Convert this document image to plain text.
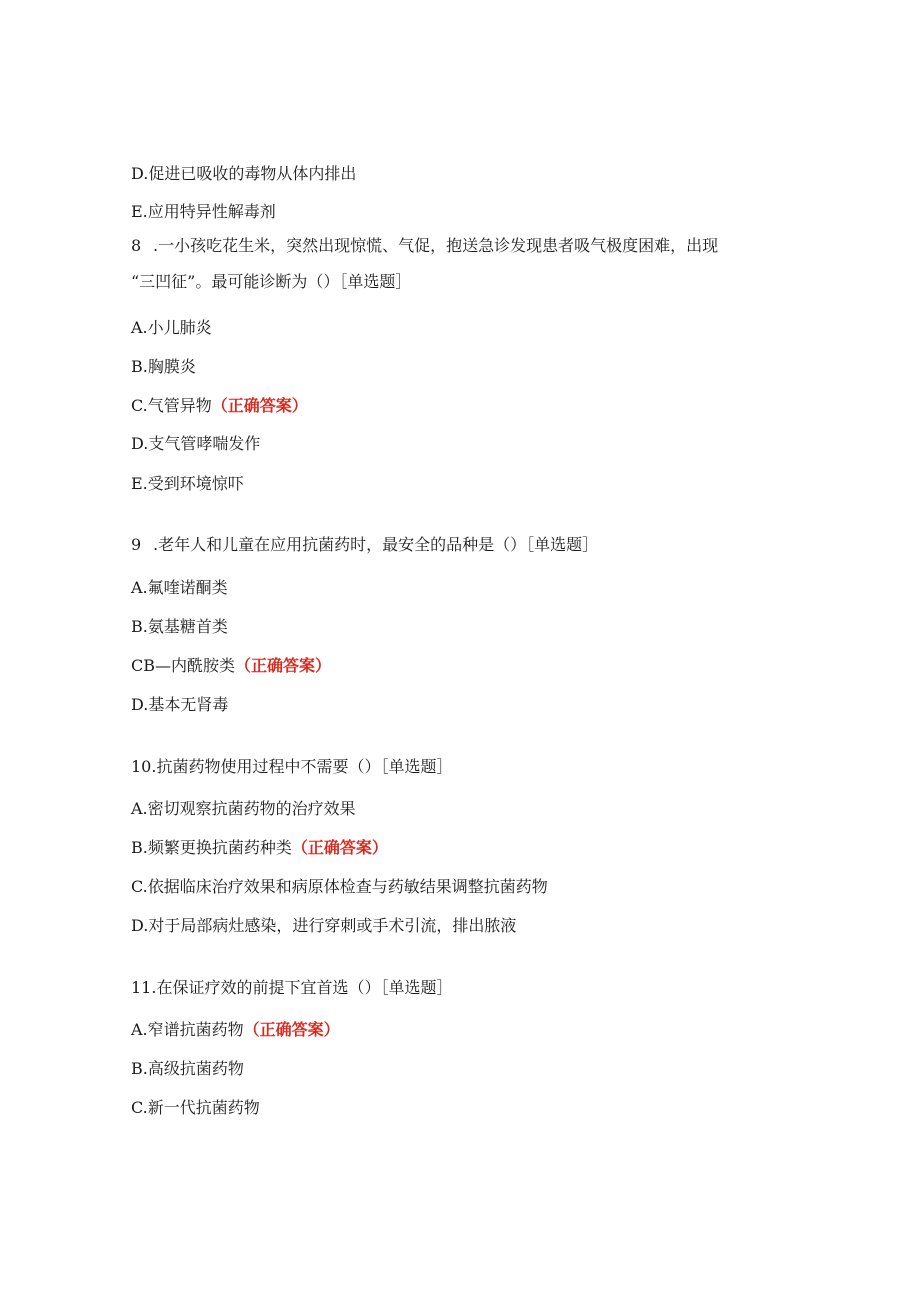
D.促进已吸收的毒物从体内排出
E.应用特异性解毒剂
8 .一小孩吃花生米，突然出现惊慌、气促，抱送急诊发现患者吸气极度困难，出现
“三凹征”。最可能诊断为（）［单选题］
A.小儿肺炎
B.胸膜炎
C.气管异物（正确答案）
D.支气管哮喘发作
E.受到环境惊吓
9 .老年人和儿童在应用抗菌药时，最安全的品种是（）［单选题］
A.氟喹诺酮类
B.氨基糖首类
CB—内酰胺类（正确答案）
D.基本无肾毒
10.抗菌药物使用过程中不需要（）［单选题］
A.密切观察抗菌药物的治疗效果
B.频繁更换抗菌药种类（正确答案）
C.依据临床治疗效果和病原体检查与药敏结果调整抗菌药物
D.对于局部病灶感染，进行穿刺或手术引流，排出脓液
11.在保证疗效的前提下宜首选（）［单选题］
A.窄谱抗菌药物（正确答案）
B.高级抗菌药物
C.新一代抗菌药物
